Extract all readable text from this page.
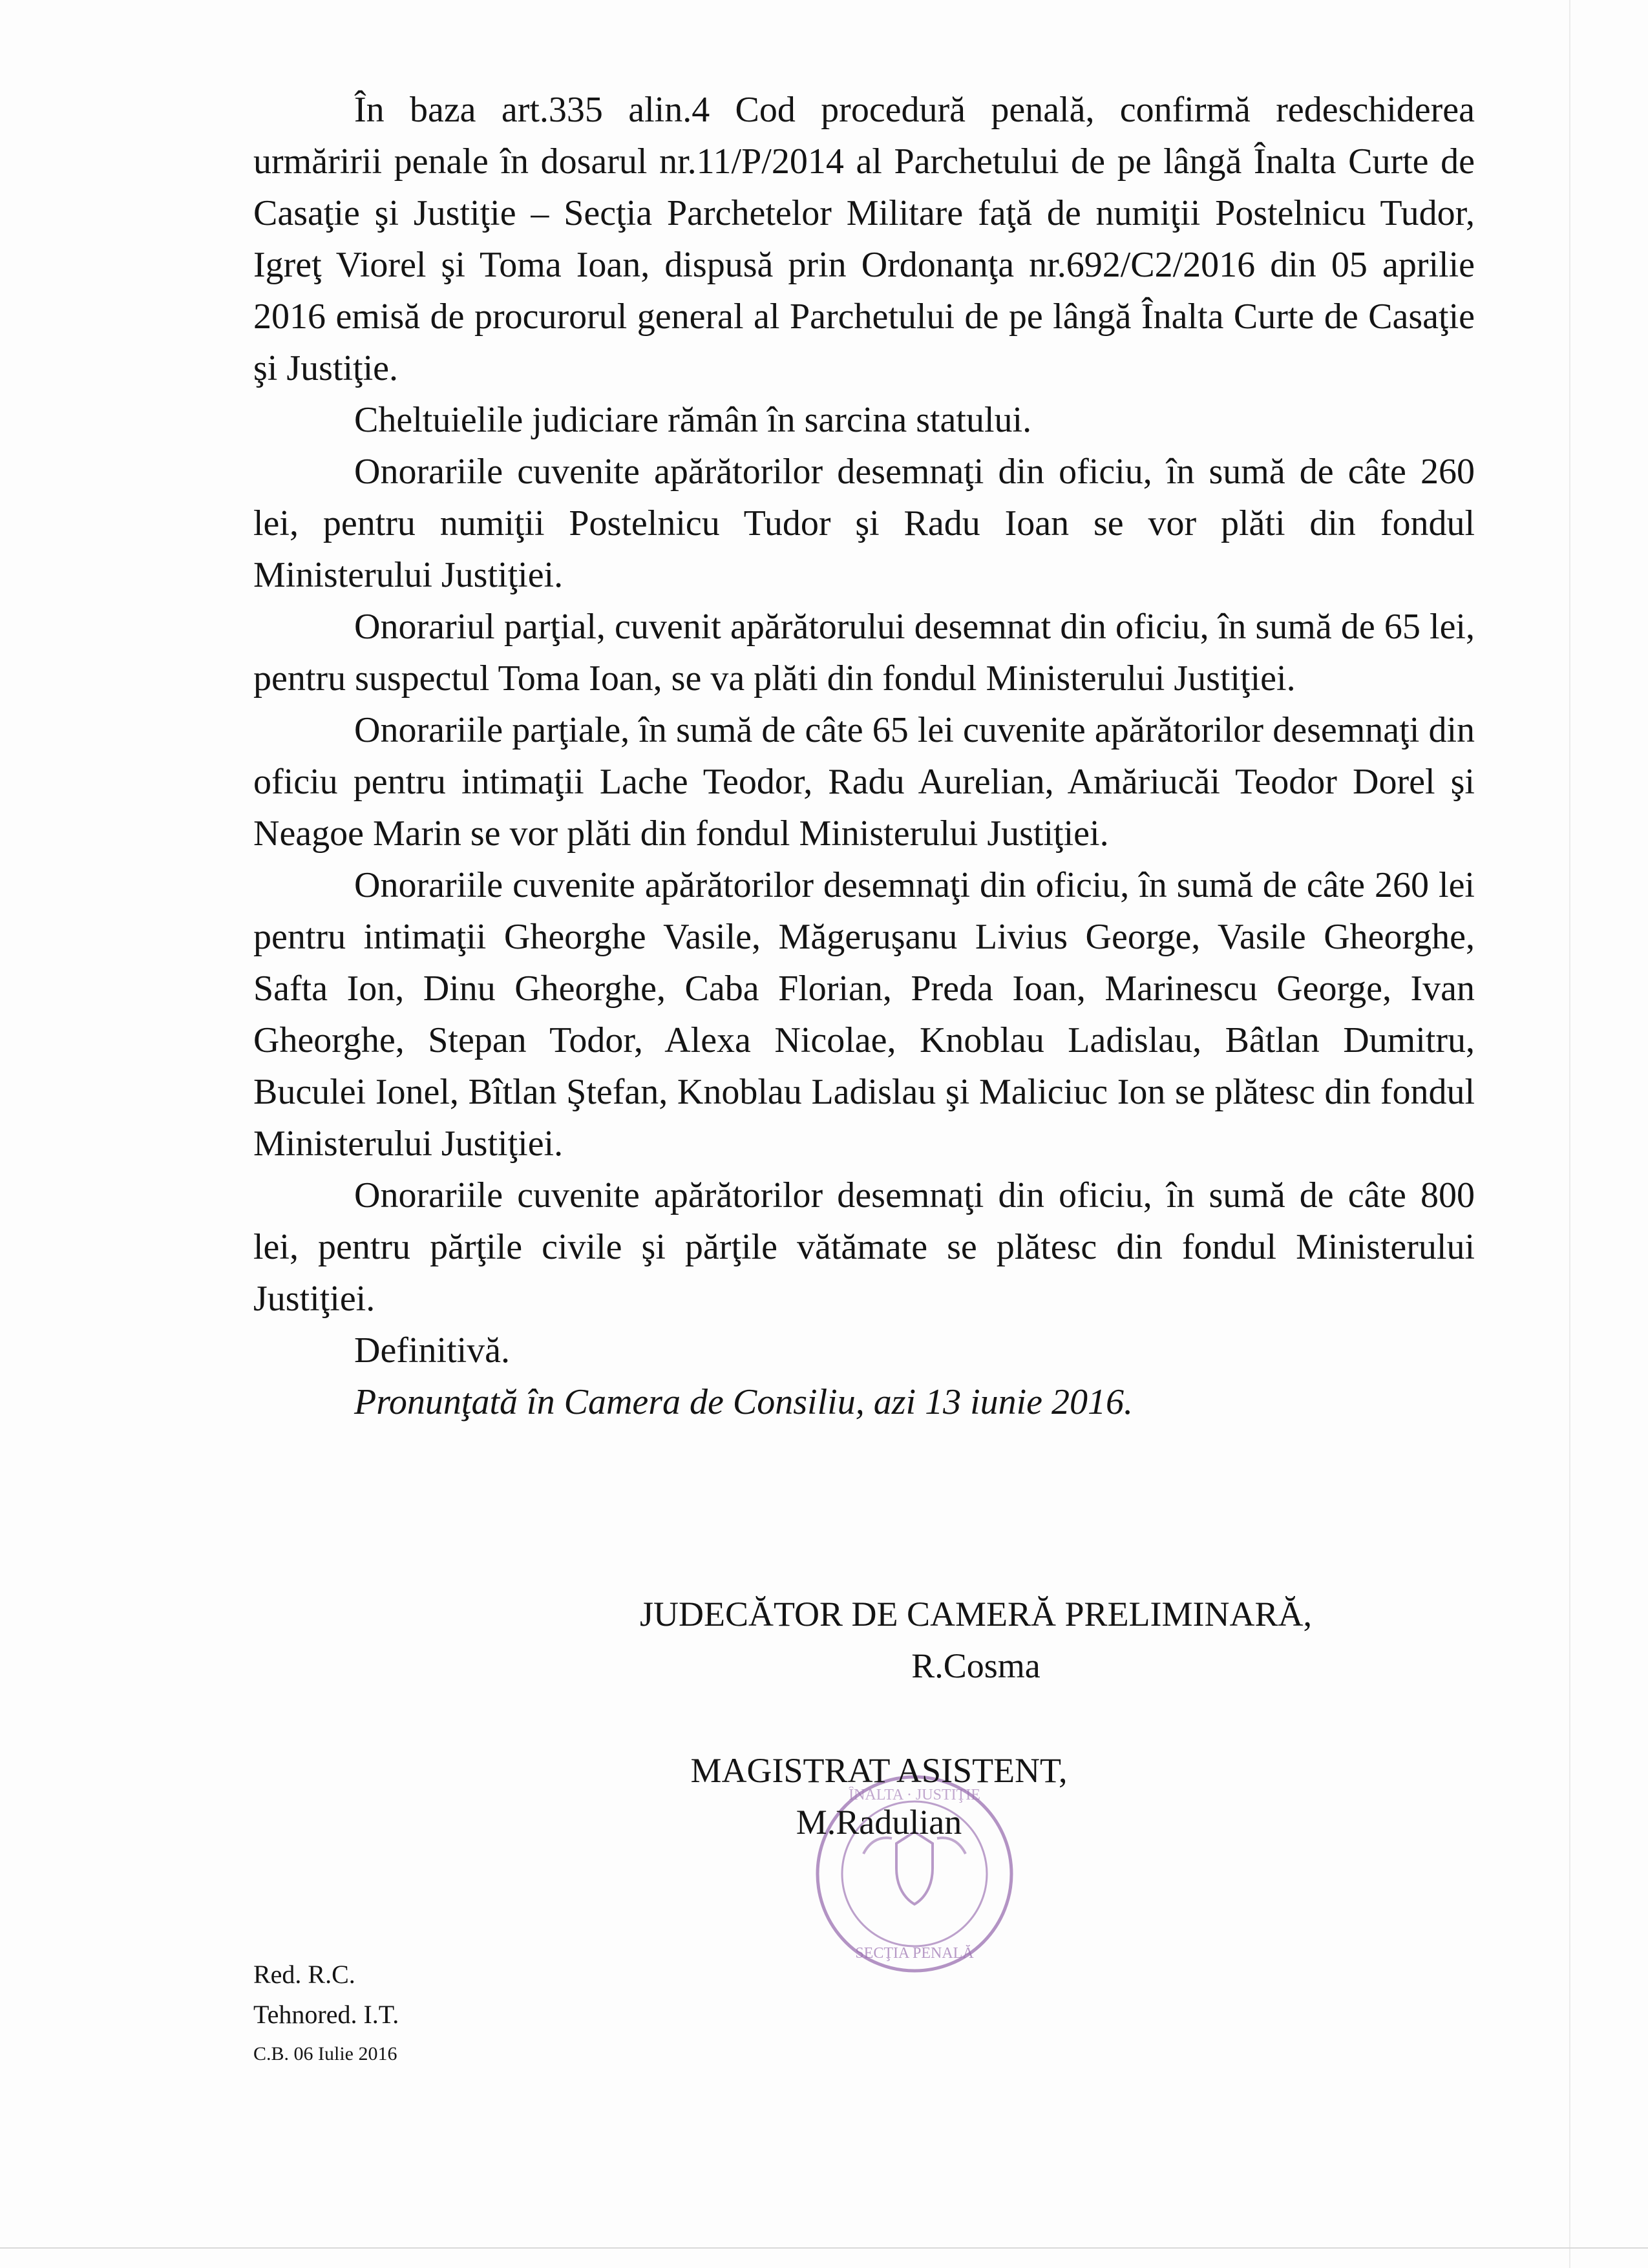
În baza art.335 alin.4 Cod procedură penală, confirmă redeschiderea urmăririi penale în dosarul nr.11/P/2014 al Parchetului de pe lângă Înalta Curte de Casaţie şi Justiţie – Secţia Parchetelor Militare faţă de numiţii Postelnicu Tudor, Igreţ Viorel şi Toma Ioan, dispusă prin Ordonanţa nr.692/C2/2016 din 05 aprilie 2016 emisă de procurorul general al Parchetului de pe lângă Înalta Curte de Casaţie şi Justiţie.

Cheltuielile judiciare rămân în sarcina statului.

Onorariile cuvenite apărătorilor desemnaţi din oficiu, în sumă de câte 260 lei, pentru numiţii Postelnicu Tudor şi Radu Ioan se vor plăti din fondul Ministerului Justiţiei.

Onorariul parţial, cuvenit apărătorului desemnat din oficiu, în sumă de 65 lei, pentru suspectul Toma Ioan, se va plăti din fondul Ministerului Justiţiei.

Onorariile parţiale, în sumă de câte 65 lei cuvenite apărătorilor desemnaţi din oficiu pentru intimaţii Lache Teodor, Radu Aurelian, Amăriucăi Teodor Dorel şi Neagoe Marin se vor plăti din fondul Ministerului Justiţiei.

Onorariile cuvenite apărătorilor desemnaţi din oficiu, în sumă de câte 260 lei pentru intimaţii Gheorghe Vasile, Măgeruşanu Livius George, Vasile Gheorghe, Safta Ion, Dinu Gheorghe, Caba Florian, Preda Ioan, Marinescu George, Ivan Gheorghe, Stepan Todor, Alexa Nicolae, Knoblau Ladislau, Bâtlan Dumitru, Buculei Ionel, Bîtlan Ştefan, Knoblau Ladislau şi Maliciuc Ion se plătesc din fondul Ministerului Justiţiei.

Onorariile cuvenite apărătorilor desemnaţi din oficiu, în sumă de câte 800 lei, pentru părţile civile şi părţile vătămate se plătesc din fondul Ministerului Justiţiei.

Definitivă.

Pronunţată în Camera de Consiliu, azi 13 iunie 2016.

JUDECĂTOR DE CAMERĂ PRELIMINARĂ,
R.Cosma
ÎNALTA · JUSTIŢIE
SECŢIA PENALĂ
MAGISTRAT ASISTENT,
M.Radulian
Red. R.C.
Tehnored. I.T.
C.B. 06 Iulie 2016
